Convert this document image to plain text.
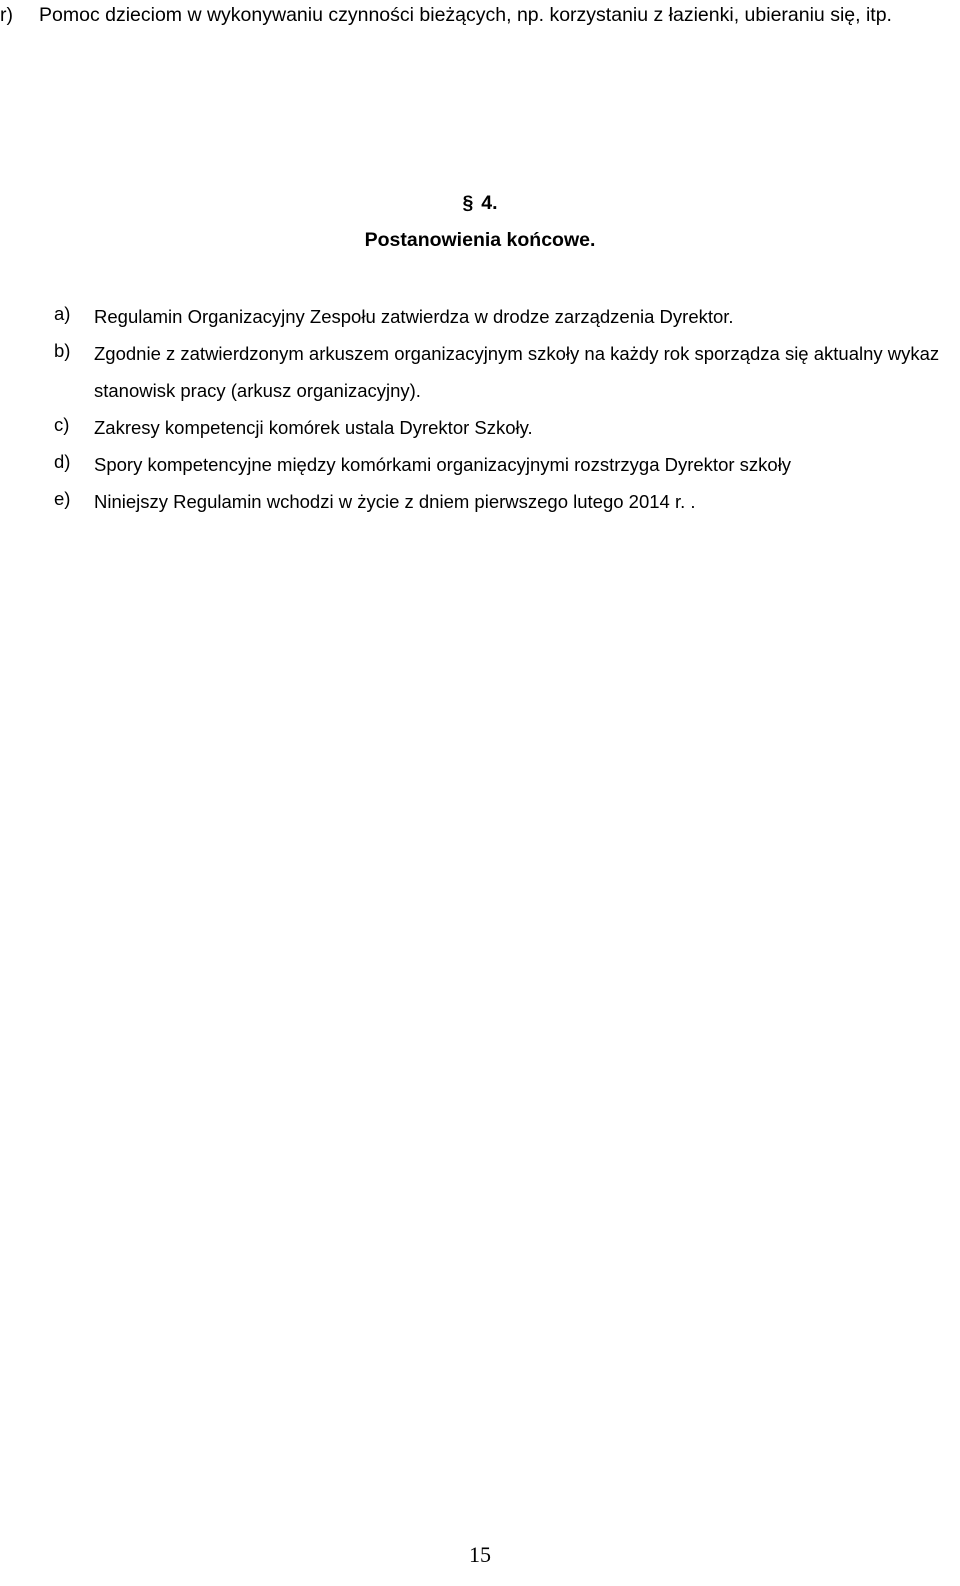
r)	Pomoc dzieciom w wykonywaniu czynności bieżących, np. korzystaniu z łazienki, ubieraniu się, itp.
§ 4.
Postanowienia końcowe.
a) Regulamin Organizacyjny Zespołu zatwierdza w drodze zarządzenia Dyrektor.
b) Zgodnie z zatwierdzonym arkuszem organizacyjnym szkoły na każdy rok sporządza się aktualny wykaz stanowisk pracy (arkusz organizacyjny).
c) Zakresy kompetencji komórek ustala Dyrektor Szkoły.
d) Spory kompetencyjne między komórkami organizacyjnymi rozstrzyga Dyrektor szkoły
e) Niniejszy Regulamin wchodzi w życie z dniem pierwszego lutego 2014 r. .
15
